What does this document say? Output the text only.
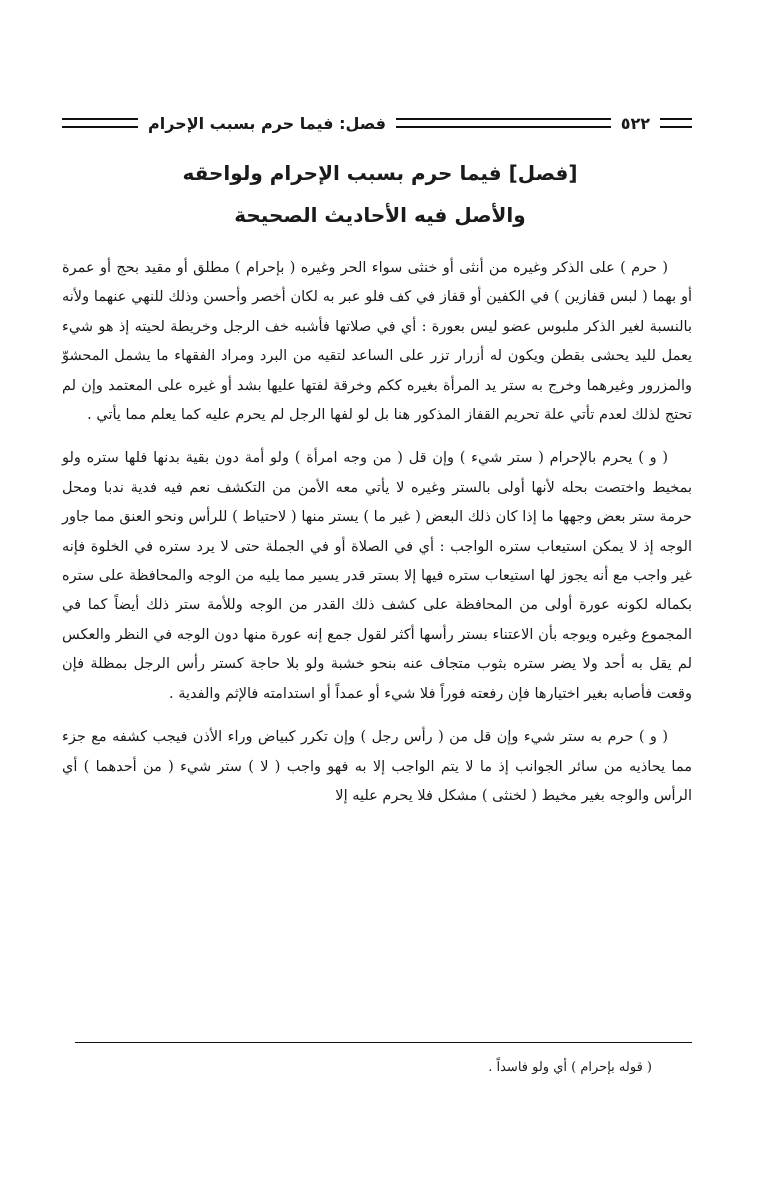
٥٢٢
فصل: فيما حرم بسبب الإحرام
[فصل] فيما حرم بسبب الإحرام ولواحقه
والأصل فيه الأحاديث الصحيحة

( حرم ) على الذكر وغيره من أنثى أو خنثى سواء الحر وغيره ( بإحرام ) مطلق أو مقيد بحج أو عمرة أو بهما ( لبس قفازين ) في الكفين أو قفاز في كف فلو عبر به لكان أخصر وأحسن وذلك للنهي عنهما ولأنه بالنسبة لغير الذكر ملبوس عضو ليس بعورة : أي في صلاتها فأشبه خف الرجل وخريطة لحيته إذ هو شيء يعمل لليد يحشى بقطن ويكون له أزرار تزر على الساعد لتقيه من البرد ومراد الفقهاء ما يشمل المحشوّ والمزرور وغيرهما وخرج به ستر يد المرأة بغيره ككم وخرقة لفتها عليها بشد أو غيره على المعتمد وإن لم تحتج لذلك لعدم تأتي علة تحريم القفاز المذكور هنا بل لو لفها الرجل لم يحرم عليه كما يعلم مما يأتي .

( و ) يحرم بالإحرام ( ستر شيء ) وإن قل ( من وجه امرأة ) ولو أمة دون بقية بدنها فلها ستره ولو بمخيط واختصت بحله لأنها أولى بالستر وغيره لا يأتي معه الأمن من التكشف نعم فيه فدية ندبا ومحل حرمة ستر بعض وجهها ما إذا كان ذلك البعض ( غير ما ) يستر منها ( لاحتياط ) للرأس ونحو العنق مما جاور الوجه إذ لا يمكن استيعاب ستره الواجب : أي في الصلاة أو في الجملة حتى لا يرد ستره في الخلوة فإنه غير واجب مع أنه يجوز لها استيعاب ستره فيها إلا بستر قدر يسير مما يليه من الوجه والمحافظة على ستره بكماله لكونه عورة أولى من المحافظة على كشف ذلك القدر من الوجه وللأمة ستر ذلك أيضاً كما في المجموع وغيره ويوجه بأن الاعتناء بستر رأسها أكثر لقول جمع إنه عورة منها دون الوجه في النظر والعكس لم يقل به أحد ولا يضر ستره بثوب متجاف عنه بنحو خشبة ولو بلا حاجة كستر رأس الرجل بمظلة فإن وقعت فأصابه بغير اختيارها فإن رفعته فوراً فلا شيء أو عمداً أو استدامته فالإثم والفدية .

( و ) حرم به ستر شيء وإن قل من ( رأس رجل ) وإن تكرر كبياض وراء الأذن فيجب كشفه مع جزء مما يحاذيه من سائر الجوانب إذ ما لا يتم الواجب إلا به فهو واجب ( لا ) ستر شيء ( من أحدهما ) أي الرأس والوجه بغير مخيط ( لخنثى ) مشكل فلا يحرم عليه إلا

( قوله بإحرام ) أي ولو فاسداً .
